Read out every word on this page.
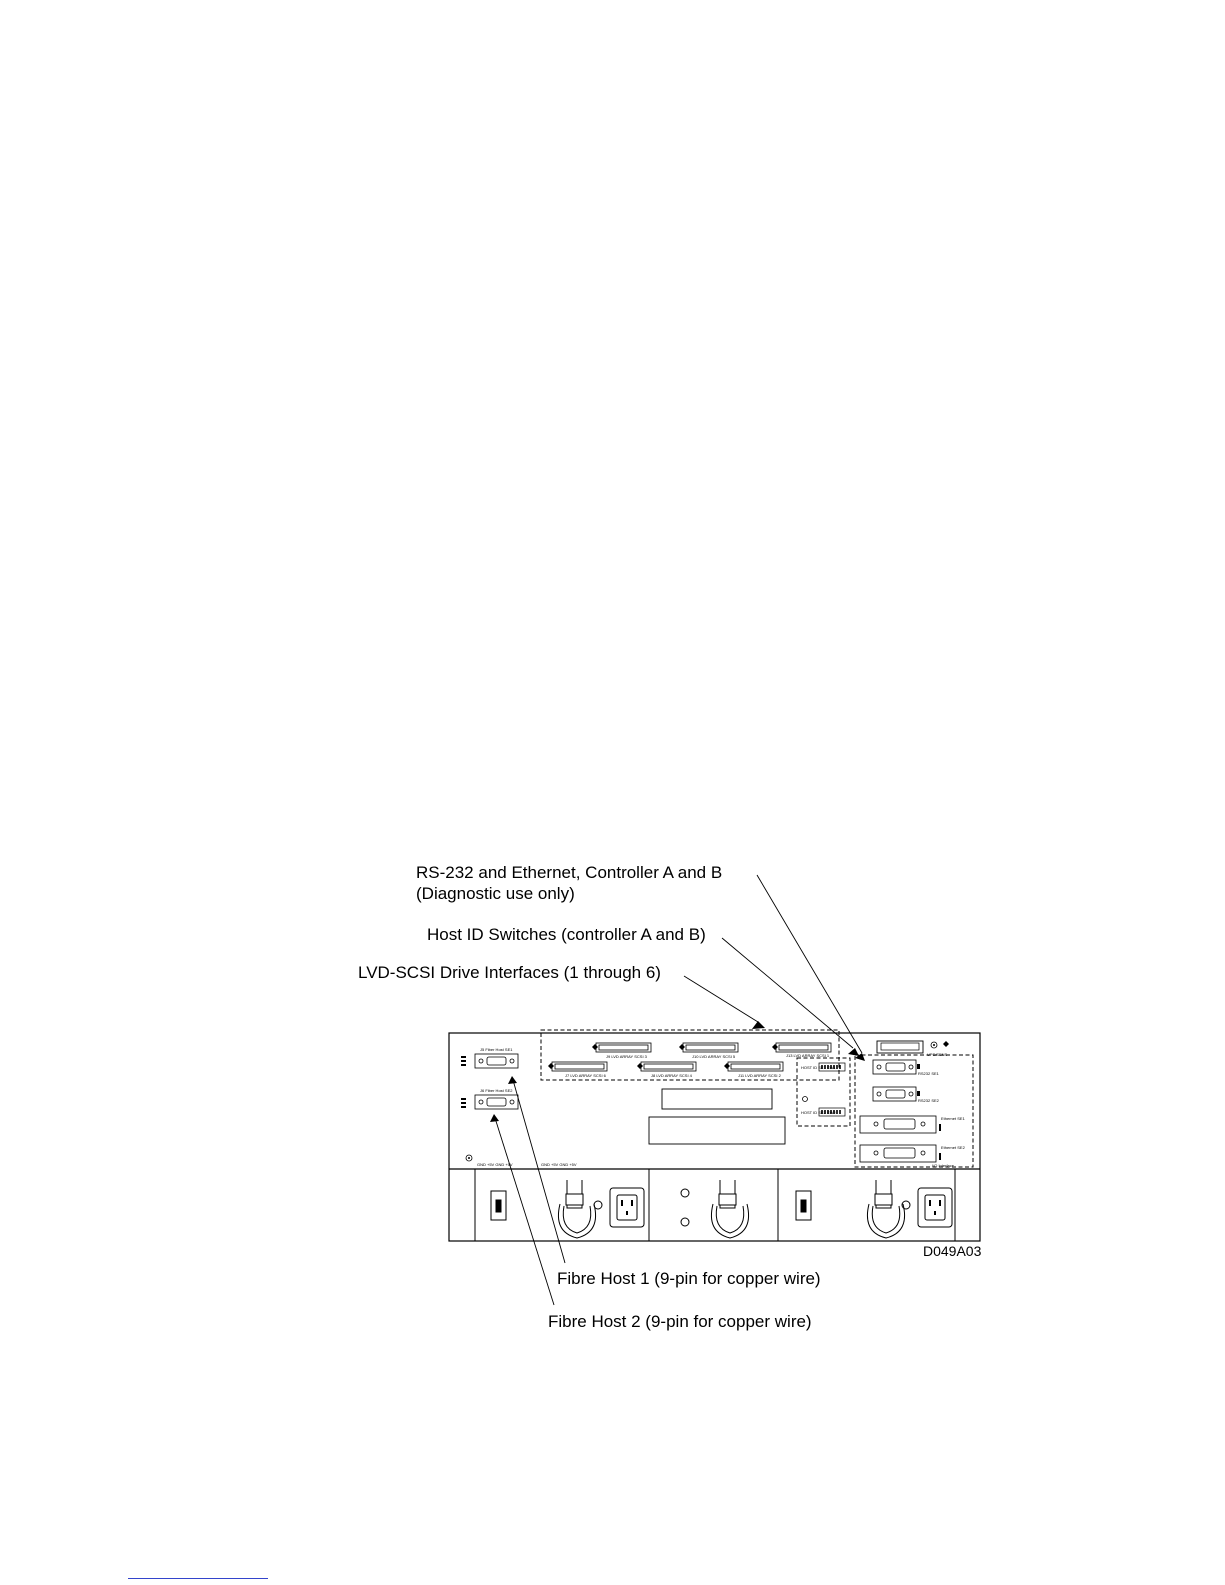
RS-232 and Ethernet, Controller A and B
(Diagnostic use only)
Host ID Switches (controller A and B)
LVD-SCSI Drive Interfaces (1 through 6)
Fibre Host 1 (9-pin for copper wire)
Fibre Host 2 (9-pin for copper wire)
D049A03
J9 LVD ARRAY SCSI 3	J10 LVD ARRAY SCSI 5	J13 LVD ARRAY SCSI 1
J7 LVD ARRAY SCSI 6	J8 LVD ARRAY SCSI 4	J11 LVD ARRAY SCSI 2
HOST ID SE1 SW1
HOST ID SE2 SW2
UPS/SENS
RS232 SE1
RS232 SE2
Ethernet SE1
Ethernet SE2
I/O Interface
J5 Fiber Host SE1
J6 Fiber Host SE2
GND +5V GND +5V	GND +5V GND +5V
